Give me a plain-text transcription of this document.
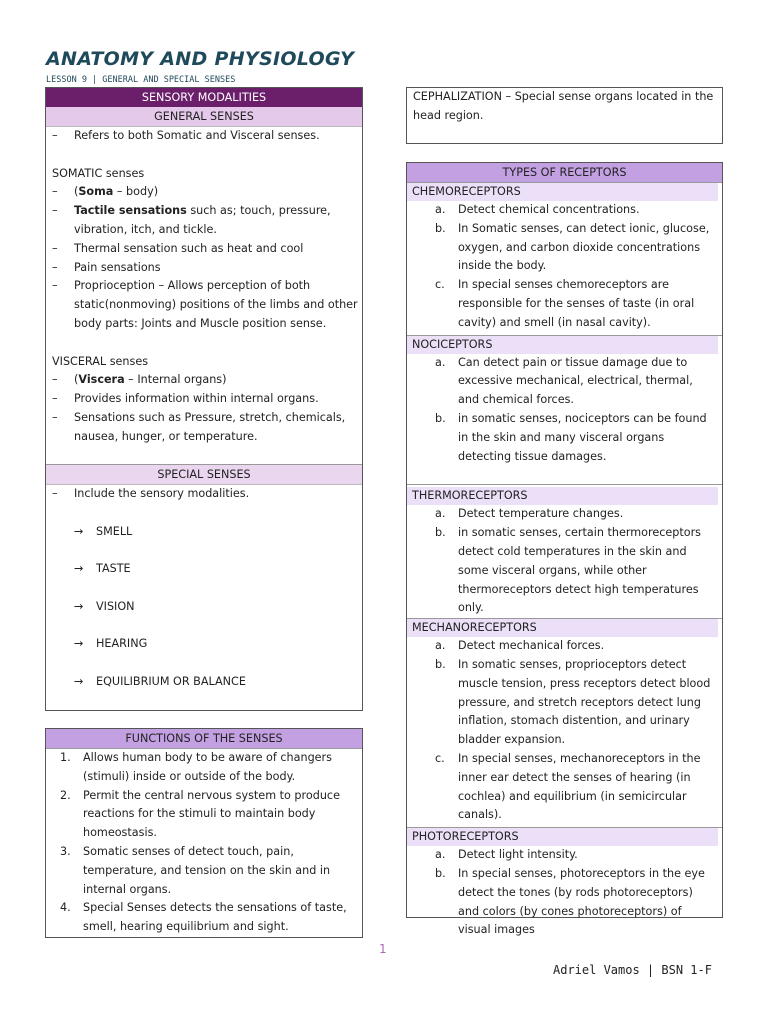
ANATOMY AND PHYSIOLOGY
LESSON 9 | GENERAL AND SPECIAL SENSES
SENSORY MODALITIES
GENERAL SENSES
– Refers to both Somatic and Visceral senses.
SOMATIC senses
– (Soma – body)
– Tactile sensations such as; touch, pressure, vibration, itch, and tickle.
– Thermal sensation such as heat and cool
– Pain sensations
– Proprioception – Allows perception of both static(nonmoving) positions of the limbs and other body parts: Joints and Muscle position sense.
VISCERAL senses
– (Viscera – Internal organs)
– Provides information within internal organs.
– Sensations such as Pressure, stretch, chemicals, nausea, hunger, or temperature.
SPECIAL SENSES
– Include the sensory modalities.
→ SMELL
→ TASTE
→ VISION
→ HEARING
→ EQUILIBRIUM OR BALANCE
FUNCTIONS OF THE SENSES
1. Allows human body to be aware of changers (stimuli) inside or outside of the body.
2. Permit the central nervous system to produce reactions for the stimuli to maintain body homeostasis.
3. Somatic senses of detect touch, pain, temperature, and tension on the skin and in internal organs.
4. Special Senses detects the sensations of taste, smell, hearing equilibrium and sight.
CEPHALIZATION – Special sense organs located in the head region.
TYPES OF RECEPTORS
CHEMORECEPTORS
a. Detect chemical concentrations.
b. In Somatic senses, can detect ionic, glucose, oxygen, and carbon dioxide concentrations inside the body.
c. In special senses chemoreceptors are responsible for the senses of taste (in oral cavity) and smell (in nasal cavity).
NOCICEPTORS
a. Can detect pain or tissue damage due to excessive mechanical, electrical, thermal, and chemical forces.
b. in somatic senses, nociceptors can be found in the skin and many visceral organs detecting tissue damages.
THERMORECEPTORS
a. Detect temperature changes.
b. in somatic senses, certain thermoreceptors detect cold temperatures in the skin and some visceral organs, while other thermoreceptors detect high temperatures only.
MECHANORECEPTORS
a. Detect mechanical forces.
b. In somatic senses, proprioceptors detect muscle tension, press receptors detect blood pressure, and stretch receptors detect lung inflation, stomach distention, and urinary bladder expansion.
c. In special senses, mechanoreceptors in the inner ear detect the senses of hearing (in cochlea) and equilibrium (in semicircular canals).
PHOTORECEPTORS
a. Detect light intensity.
b. In special senses, photoreceptors in the eye detect the tones (by rods photoreceptors) and colors (by cones photoreceptors) of visual images
1
Adriel Vamos | BSN 1-F
